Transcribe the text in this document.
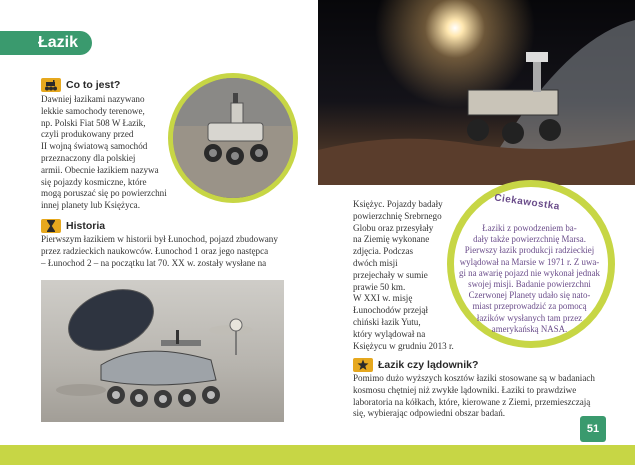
Łazik
Co to jest?

Dawniej łazikami nazywano

lekkie samochody terenowe,

np. Polski Fiat 508 W Łazik,

czyli produkowany przed

II wojną światową samochód

przeznaczony dla polskiej

armii. Obecnie łazikiem nazywa

się pojazdy kosmiczne, które

mogą poruszać się po powierzchni

innej planety lub Księżyca.

Historia

Pierwszym łazikiem w historii był Łunochod, pojazd zbudowany

przez radzieckich naukowców. Łunochod 1 oraz jego następca

– Łunochod 2 – na początku lat 70. XX w. zostały wysłane na

Księżyc. Pojazdy badały

powierzchnię Srebrnego

Globu oraz przesyłały

na Ziemię wykonane

zdjęcia. Podczas

dwóch misji

przejechały w sumie

prawie 50 km.

W XXI w. misję

Łunochodów przejął

chiński łazik Yutu,

który wylądował na

Księżycu w grudniu 2013 r.

Ciekawostka
Łaziki z powodzeniem ba-
dały także powierzchnię Marsa.
Pierwszy łazik produkcji radzieckiej
wylądował na Marsie w 1971 r. Z uwa-
gi na awarię pojazd nie wykonał jednak
swojej misji. Badanie powierzchni
Czerwonej Planety udało się nato-
miast przeprowadzić za pomocą
łazików wysłanych tam przez
amerykańską NASA.
Łazik czy lądownik?

Pomimo dużo wyższych kosztów łaziki stosowane są w badaniach

kosmosu chętniej niż zwykłe lądowniki. Łaziki to prawdziwe

laboratoria na kółkach, które, kierowane z Ziemi, przemieszczają

się, wybierając odpowiedni obszar badań.

51
